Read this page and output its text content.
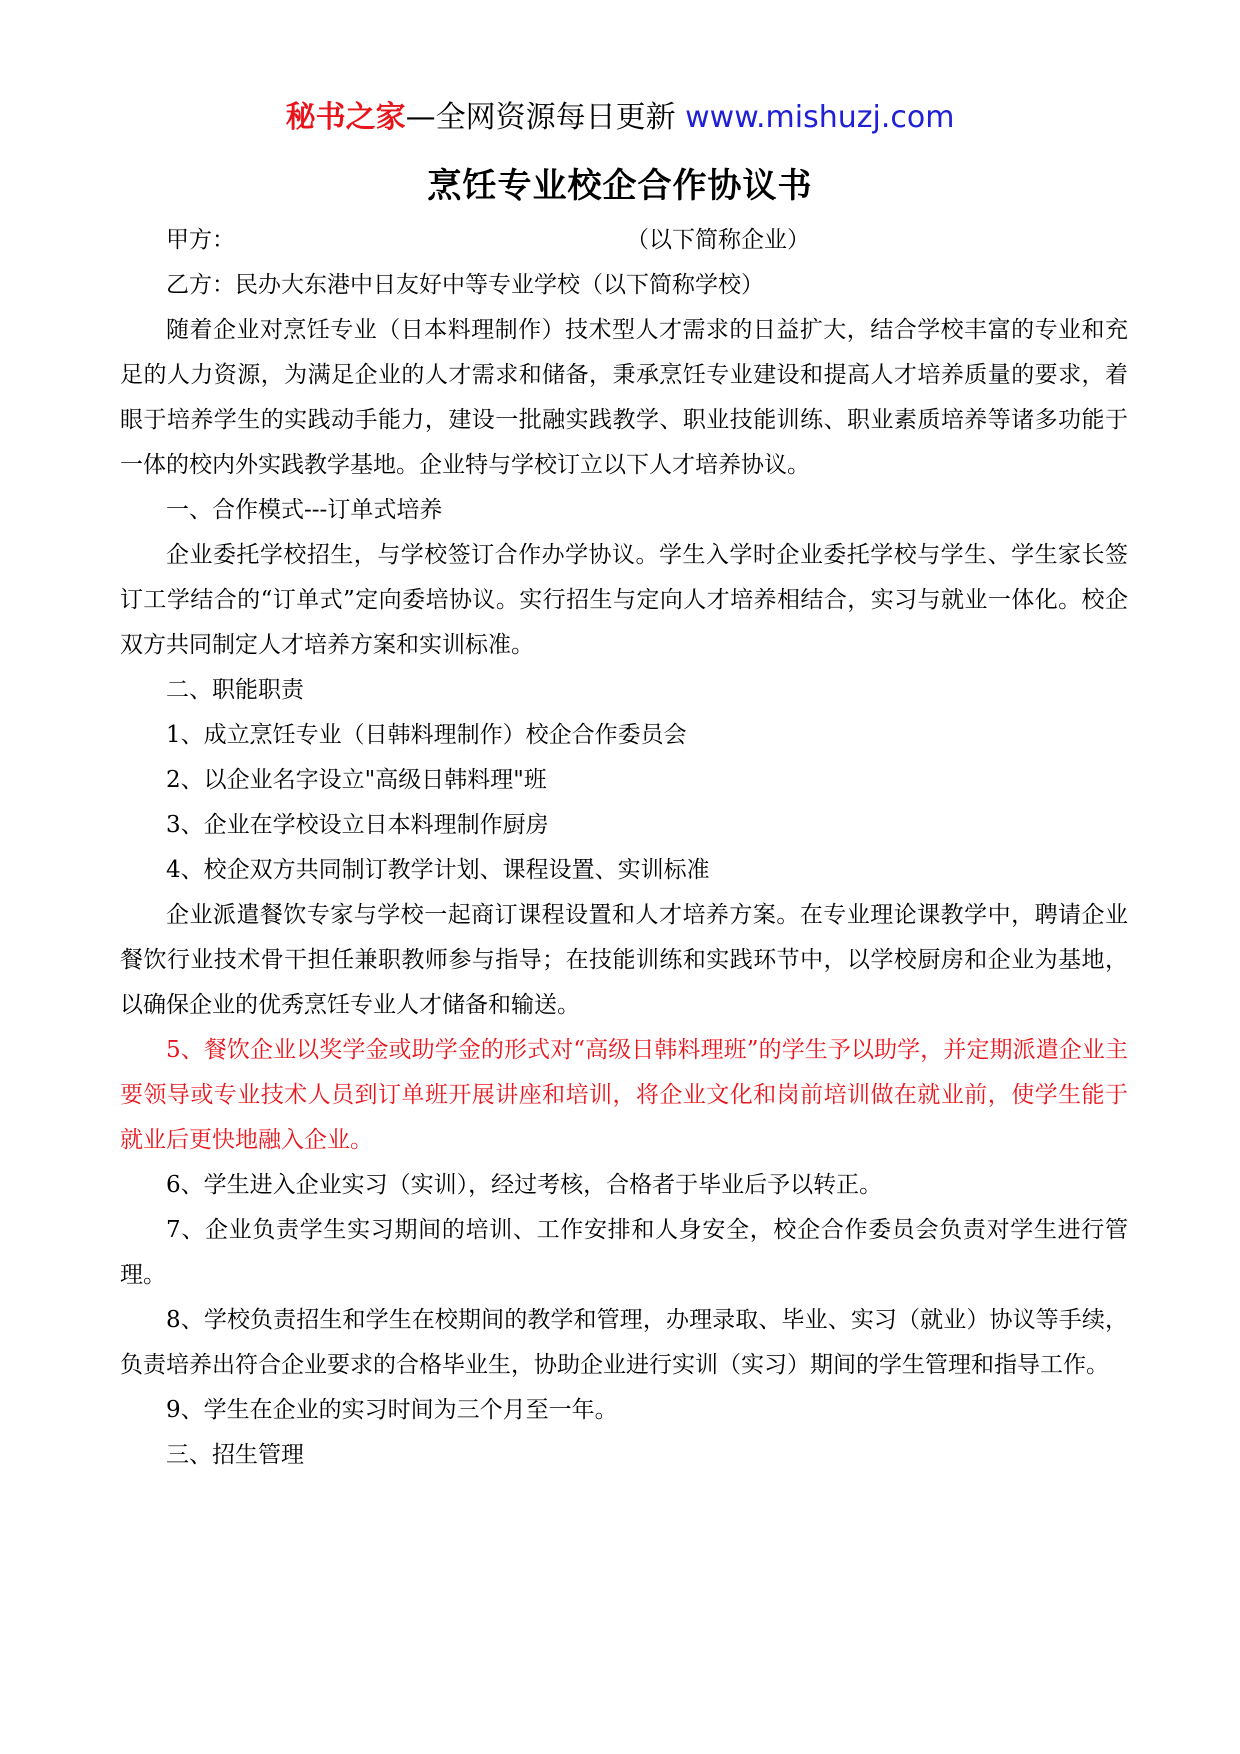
秘书之家—全网资源每日更新 www.mishuzj.com
烹饪专业校企合作协议书
甲方：	（以下简称企业）
乙方：民办大东港中日友好中等专业学校（以下简称学校）

随着企业对烹饪专业（日本料理制作）技术型人才需求的日益扩大，结合学校丰富的专业和充足的人力资源，为满足企业的人才需求和储备，秉承烹饪专业建设和提高人才培养质量的要求，着眼于培养学生的实践动手能力，建设一批融实践教学、职业技能训练、职业素质培养等诸多功能于一体的校内外实践教学基地。企业特与学校订立以下人才培养协议。

一、合作模式---订单式培养

企业委托学校招生，与学校签订合作办学协议。学生入学时企业委托学校与学生、学生家长签订工学结合的“订单式”定向委培协议。实行招生与定向人才培养相结合，实习与就业一体化。校企双方共同制定人才培养方案和实训标准。

二、职能职责
1、成立烹饪专业（日韩料理制作）校企合作委员会
2、以企业名字设立"高级日韩料理"班
3、企业在学校设立日本料理制作厨房
4、校企双方共同制订教学计划、课程设置、实训标准

企业派遣餐饮专家与学校一起商订课程设置和人才培养方案。在专业理论课教学中，聘请企业餐饮行业技术骨干担任兼职教师参与指导；在技能训练和实践环节中，以学校厨房和企业为基地，以确保企业的优秀烹饪专业人才储备和输送。

5、餐饮企业以奖学金或助学金的形式对“高级日韩料理班”的学生予以助学，并定期派遣企业主要领导或专业技术人员到订单班开展讲座和培训，将企业文化和岗前培训做在就业前，使学生能于就业后更快地融入企业。

6、学生进入企业实习（实训），经过考核，合格者于毕业后予以转正。

7、企业负责学生实习期间的培训、工作安排和人身安全，校企合作委员会负责对学生进行管理。

8、学校负责招生和学生在校期间的教学和管理，办理录取、毕业、实习（就业）协议等手续，负责培养出符合企业要求的合格毕业生，协助企业进行实训（实习）期间的学生管理和指导工作。

9、学生在企业的实习时间为三个月至一年。

三、招生管理
